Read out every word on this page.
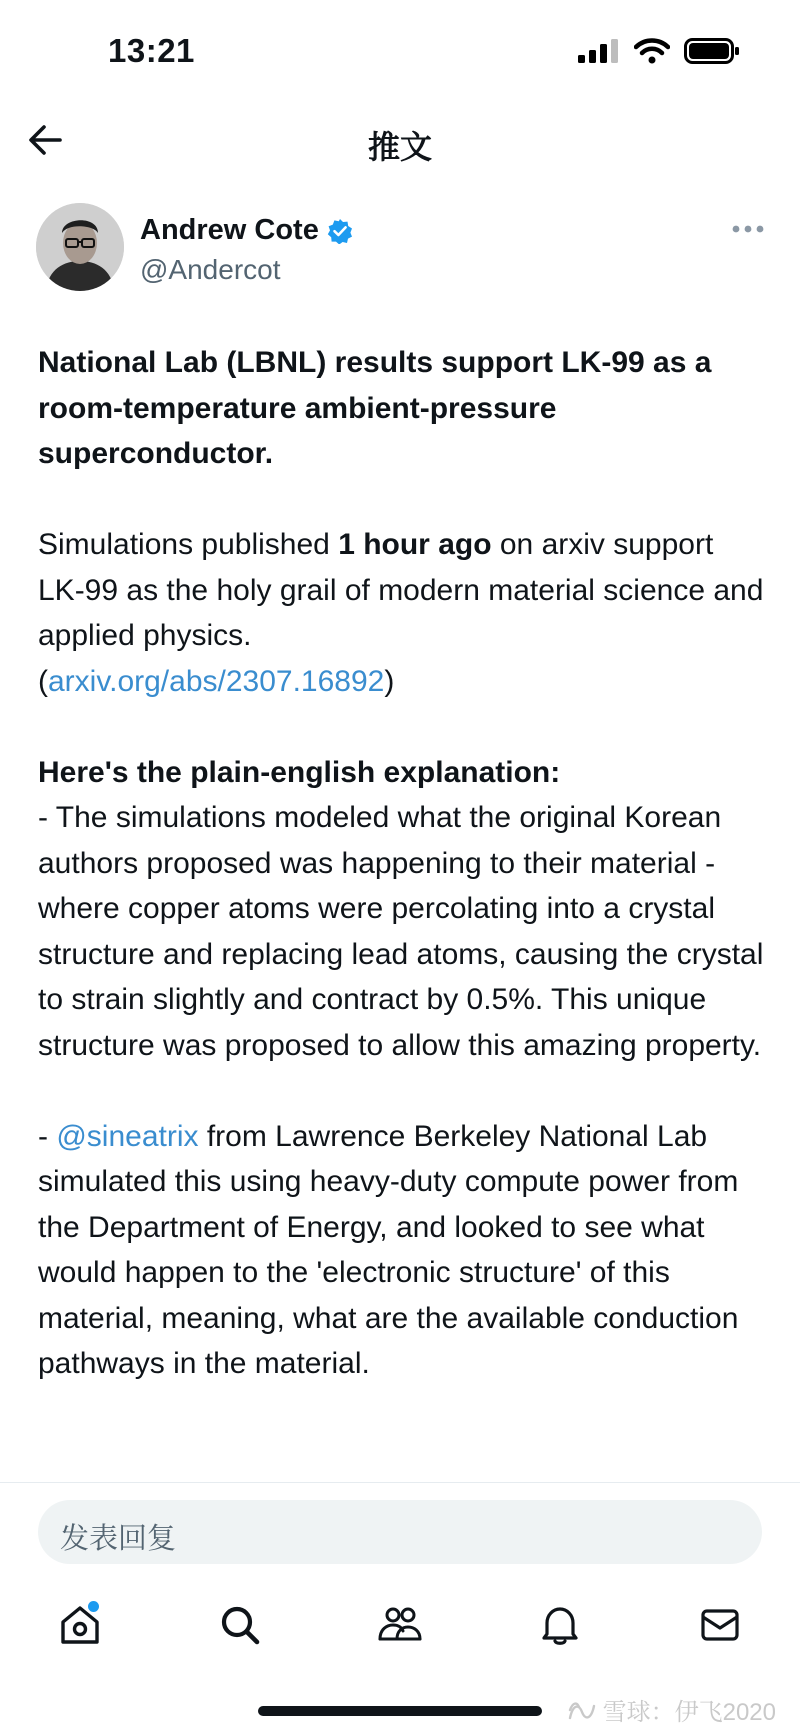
13:21
推文
Andrew Cote
@Andercot

National Lab (LBNL) results support LK-99 as a room-temperature ambient-pressure superconductor.

Simulations published 1 hour ago on arxiv support LK-99 as the holy grail of modern material science and applied physics.
(arxiv.org/abs/2307.16892)

Here's the plain-english explanation:
- The simulations modeled what the original Korean authors proposed was happening to their material - where copper atoms were percolating into a crystal structure and replacing lead atoms, causing the crystal to strain slightly and contract by 0.5%. This unique structure was proposed to allow this amazing property.

- @sineatrix from Lawrence Berkeley National Lab simulated this using heavy-duty compute power from the Department of Energy, and looked to see what would happen to the 'electronic structure' of this material, meaning, what are the available conduction pathways in the material.

发表回复
雪球：伊飞2020
